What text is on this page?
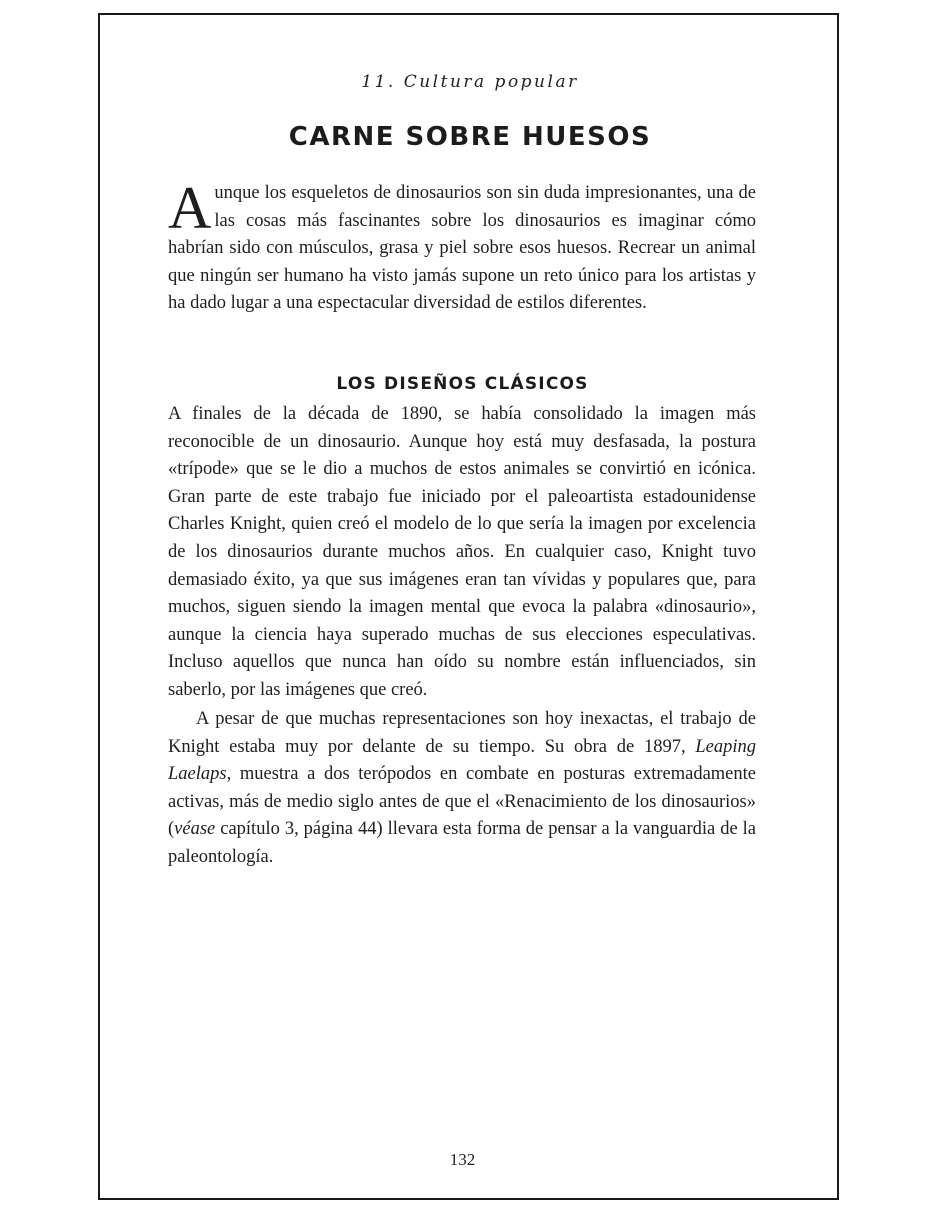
11. Cultura popular
CARNE SOBRE HUESOS
Aunque los esqueletos de dinosaurios son sin duda impresionantes, una de las cosas más fascinantes sobre los dinosaurios es imaginar cómo habrían sido con músculos, grasa y piel sobre esos huesos. Recrear un animal que ningún ser humano ha visto jamás supone un reto único para los artistas y ha dado lugar a una espectacular diversidad de estilos diferentes.
LOS DISEÑOS CLÁSICOS

A finales de la década de 1890, se había consolidado la imagen más reconocible de un dinosaurio. Aunque hoy está muy desfasada, la postura «trípode» que se le dio a muchos de estos animales se convirtió en icónica. Gran parte de este trabajo fue iniciado por el paleoartista estadounidense Charles Knight, quien creó el modelo de lo que sería la imagen por excelencia de los dinosaurios durante muchos años. En cualquier caso, Knight tuvo demasiado éxito, ya que sus imágenes eran tan vívidas y populares que, para muchos, siguen siendo la imagen mental que evoca la palabra «dinosaurio», aunque la ciencia haya superado muchas de sus elecciones especulativas. Incluso aquellos que nunca han oído su nombre están influenciados, sin saberlo, por las imágenes que creó.

A pesar de que muchas representaciones son hoy inexactas, el trabajo de Knight estaba muy por delante de su tiempo. Su obra de 1897, Leaping Laelaps, muestra a dos terópodos en combate en posturas extremadamente activas, más de medio siglo antes de que el «Renacimiento de los dinosaurios» (véase capítulo 3, página 44) llevara esta forma de pensar a la vanguardia de la paleontología.

132
